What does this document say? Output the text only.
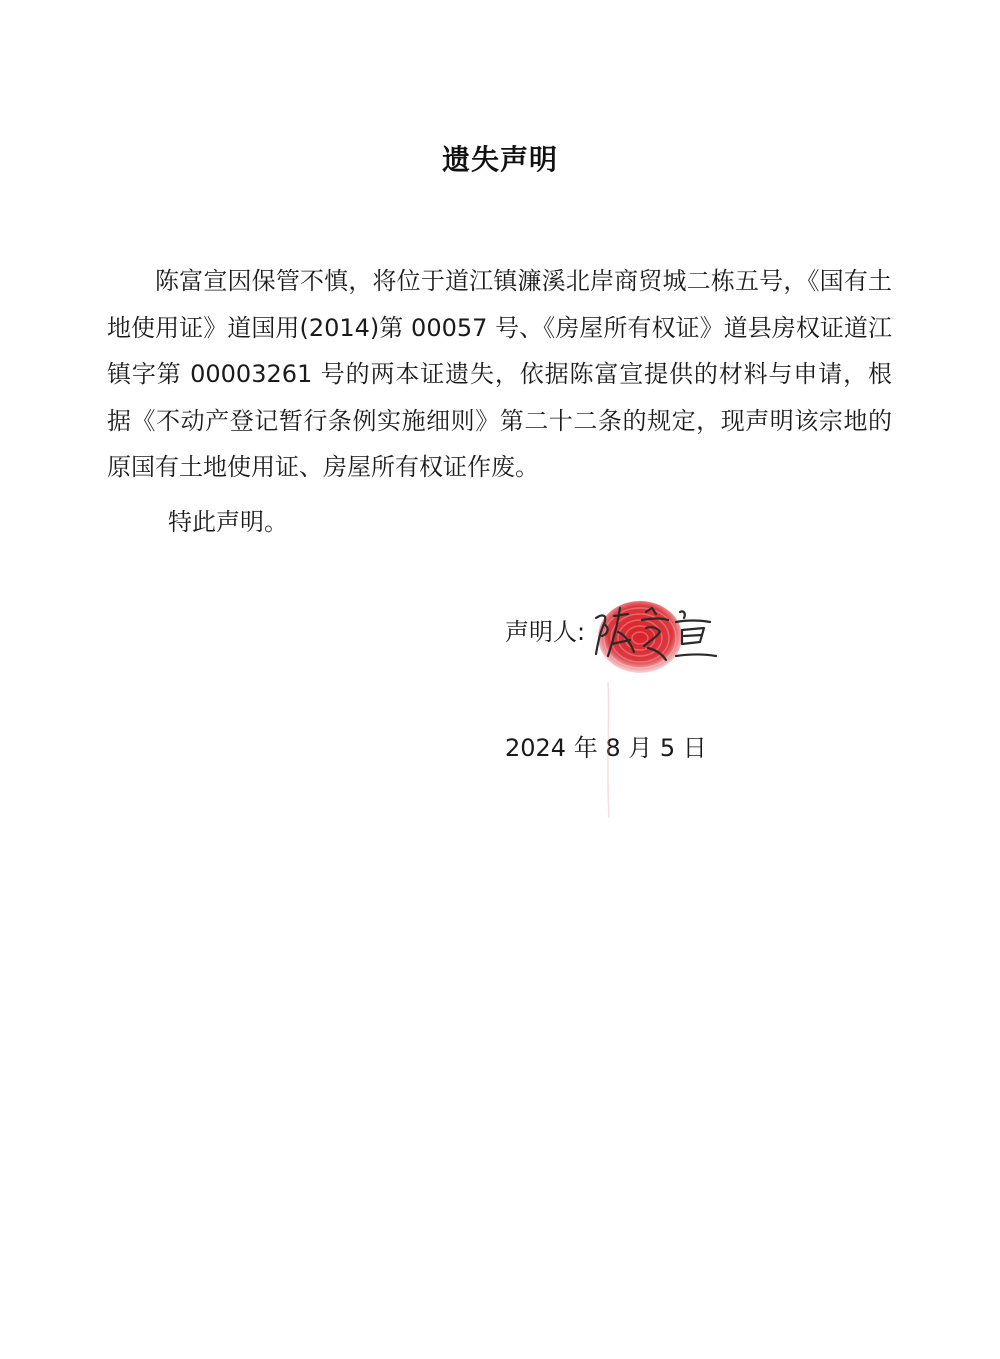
遗失声明

陈富宣因保管不慎，将位于道江镇濂溪北岸商贸城二栋五号，《国有土地使用证》道国用(2014)第 00057 号、《房屋所有权证》道县房权证道江镇字第 00003261 号的两本证遗失，依据陈富宣提供的材料与申请，根据《不动产登记暂行条例实施细则》第二十二条的规定，现声明该宗地的原国有土地使用证、房屋所有权证作废。

特此声明。

声明人:
2024 年 8 月 5 日
